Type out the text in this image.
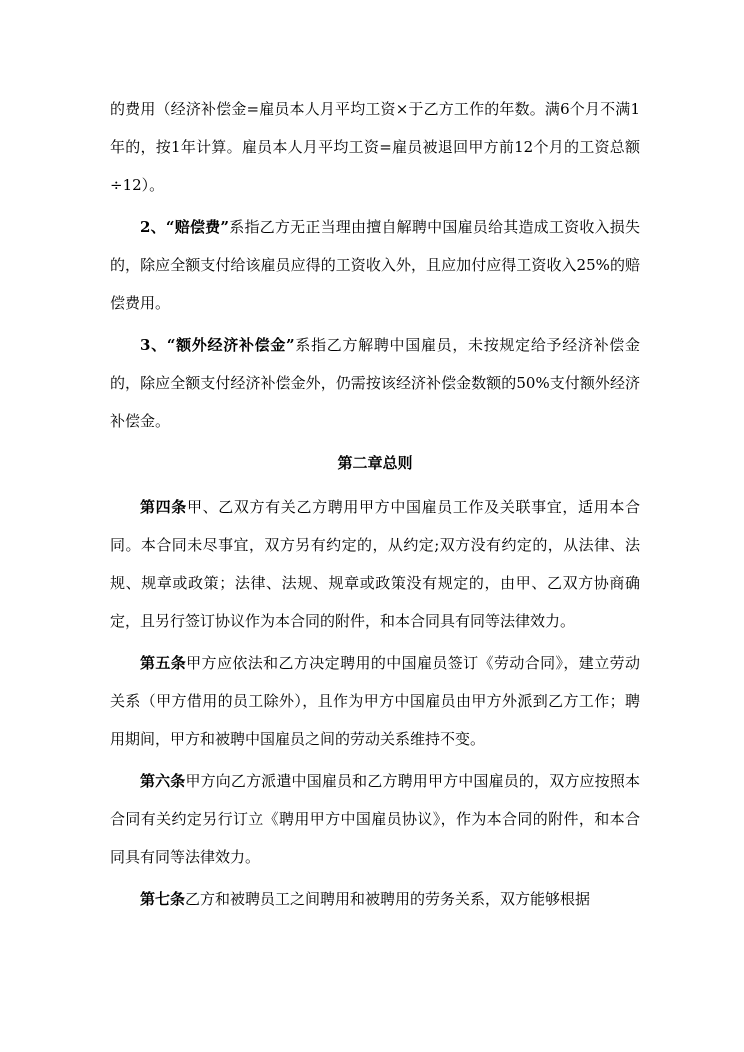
的费用（经济补偿金=雇员本人月平均工资×于乙方工作的年数。满6个月不满1年的，按1年计算。雇员本人月平均工资=雇员被退回甲方前12个月的工资总额÷12）。

2、“赔偿费”系指乙方无正当理由擅自解聘中国雇员给其造成工资收入损失的，除应全额支付给该雇员应得的工资收入外，且应加付应得工资收入25%的赔偿费用。

3、“额外经济补偿金”系指乙方解聘中国雇员，未按规定给予经济补偿金的，除应全额支付经济补偿金外，仍需按该经济补偿金数额的50%支付额外经济补偿金。

第二章总则

第四条甲、乙双方有关乙方聘用甲方中国雇员工作及关联事宜，适用本合同。本合同未尽事宜，双方另有约定的，从约定;双方没有约定的，从法律、法规、规章或政策；法律、法规、规章或政策没有规定的，由甲、乙双方协商确定，且另行签订协议作为本合同的附件，和本合同具有同等法律效力。

第五条甲方应依法和乙方决定聘用的中国雇员签订《劳动合同》，建立劳动关系（甲方借用的员工除外），且作为甲方中国雇员由甲方外派到乙方工作；聘用期间，甲方和被聘中国雇员之间的劳动关系维持不变。

第六条甲方向乙方派遣中国雇员和乙方聘用甲方中国雇员的，双方应按照本合同有关约定另行订立《聘用甲方中国雇员协议》，作为本合同的附件，和本合同具有同等法律效力。

第七条乙方和被聘员工之间聘用和被聘用的劳务关系，双方能够根据
